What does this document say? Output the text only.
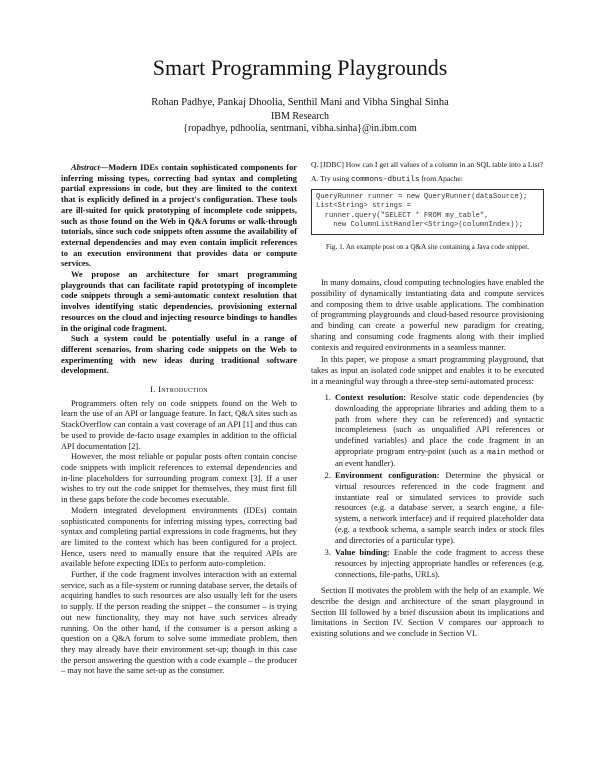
Smart Programming Playgrounds
Rohan Padhye, Pankaj Dhoolia, Senthil Mani and Vibha Singhal Sinha
IBM Research
{ropadhye, pdhoolia, sentmani, vibha.sinha}@in.ibm.com

Abstract—Modern IDEs contain sophisticated components for inferring missing types, correcting bad syntax and completing partial expressions in code, but they are limited to the context that is explicitly defined in a project's configuration. These tools are ill-suited for quick prototyping of incomplete code snippets, such as those found on the Web in Q&A forums or walk-through tutorials, since such code snippets often assume the availability of external dependencies and may even contain implicit references to an execution environment that provides data or compute services.

We propose an architecture for smart programming playgrounds that can facilitate rapid prototyping of incomplete code snippets through a semi-automatic context resolution that involves identifying static dependencies, provisioning external resources on the cloud and injecting resource bindings to handles in the original code fragment.

Such a system could be potentially useful in a range of different scenarios, from sharing code snippets on the Web to experimenting with new ideas during traditional software development.

I. Introduction

Programmers often rely on code snippets found on the Web to learn the use of an API or language feature. In fact, Q&A sites such as StackOverflow can contain a vast coverage of an API [1] and thus can be used to provide de-facto usage examples in addition to the official API documentation [2].

However, the most reliable or popular posts often contain concise code snippets with implicit references to external dependencies and in-line placeholders for surrounding program context [3]. If a user wishes to try out the code snippet for themselves, they must first fill in these gaps before the code becomes executable.

Modern integrated development environments (IDEs) contain sophisticated components for inferring missing types, correcting bad syntax and completing partial expressions in code fragments, but they are limited to the context which has been configured for a project. Hence, users need to manually ensure that the required APIs are available before expecting IDEs to perform auto-completion.

Further, if the code fragment involves interaction with an external service, such as a file-system or running database server, the details of acquiring handles to such resources are also usually left for the users to supply. If the person reading the snippet – the consumer – is trying out new functionality, they may not have such services already running. On the other hand, if the consumer is a person asking a question on a Q&A forum to solve some immediate problem, then they may already have their environment set-up; though in this case the person answering the question with a code example – the producer – may not have the same set-up as the consumer.

Q. [JDBC] How can I get all values of a column in an SQL table into a List?
A. Try using commons-dbutils from Apache:
QueryRunner runner = new QueryRunner(dataSource);
List<String> strings =
runner.query("SELECT * FROM my_table",
new ColumnListHandler<String>(columnIndex));
Fig. 1. An example post on a Q&A site containing a Java code snippet.

In many domains, cloud computing technologies have enabled the possibility of dynamically instantiating data and compute services and composing them to drive usable applications. The combination of programming playgrounds and cloud-based resource provisioning and binding can create a powerful new paradigm for creating, sharing and consuming code fragments along with their implied contexts and required environments in a seamless manner.

In this paper, we propose a smart programming playground, that takes as input an isolated code snippet and enables it to be executed in a meaningful way through a three-step semi-automated process:

1. Context resolution: Resolve static code dependencies (by downloading the appropriate libraries and adding them to a path from where they can be referenced) and syntactic incompleteness (such as unqualified API references or undefined variables) and place the code fragment in an appropriate program entry-point (such as a main method or an event handler).
2. Environment configuration: Determine the physical or virtual resources referenced in the code fragment and instantiate real or simulated services to provide such resources (e.g. a database server, a search engine, a file-system, a network interface) and if required placeholder data (e.g. a textbook schema, a sample search index or stock files and directories of a particular type).
3. Value binding: Enable the code fragment to access these resources by injecting appropriate handles or references (e.g. connections, file-paths, URLs).

Section II motivates the problem with the help of an example. We describe the design and architecture of the smart playground in Section III followed by a brief discussion about its implications and limitations in Section IV. Section V compares our approach to existing solutions and we conclude in Section VI.
